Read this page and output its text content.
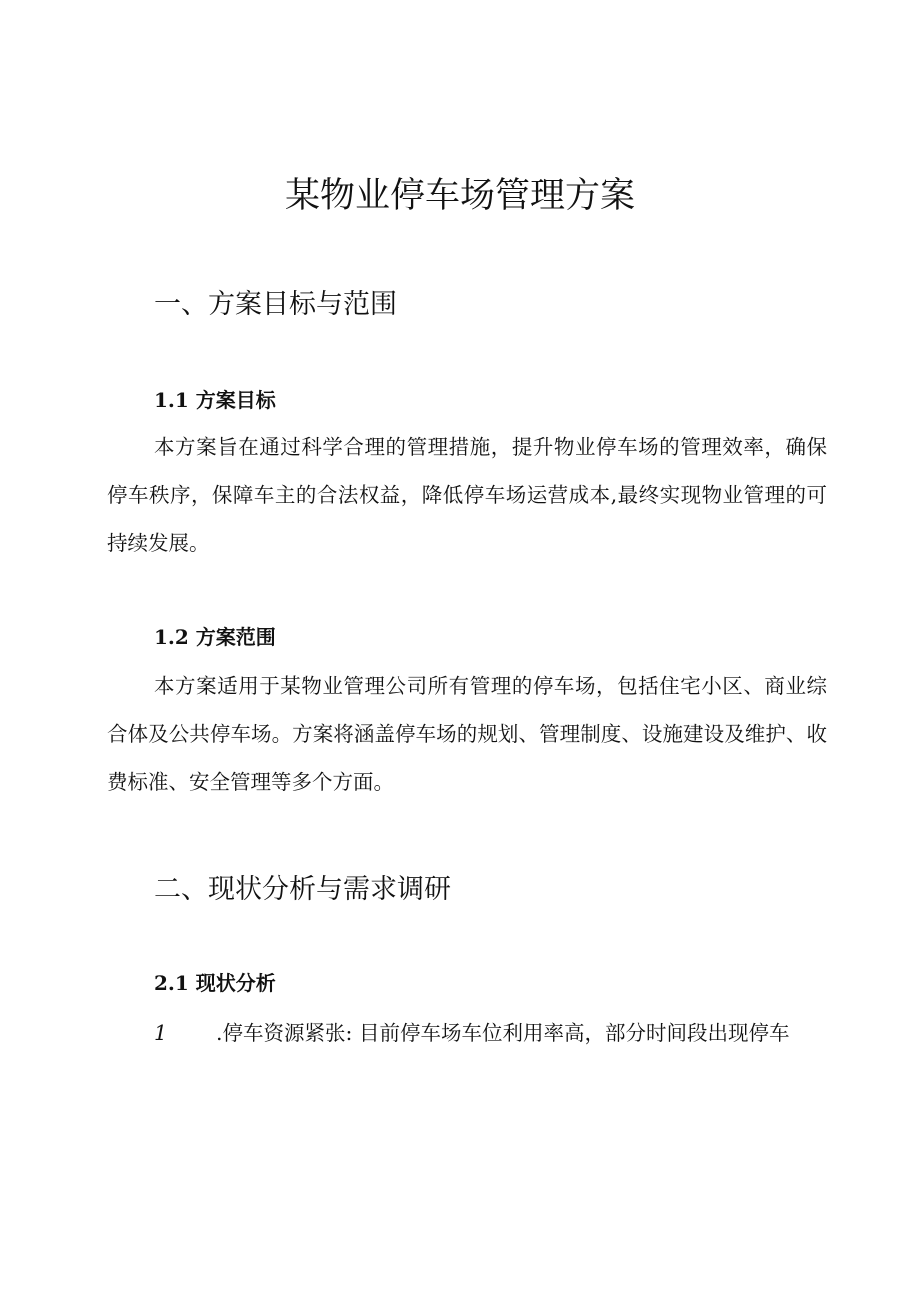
某物业停车场管理方案
一、方案目标与范围
1.1 方案目标

本方案旨在通过科学合理的管理措施，提升物业停车场的管理效率，确保停车秩序，保障车主的合法权益，降低停车场运营成本,最终实现物业管理的可持续发展。

1.2 方案范围

本方案适用于某物业管理公司所有管理的停车场，包括住宅小区、商业综合体及公共停车场。方案将涵盖停车场的规划、管理制度、设施建设及维护、收费标准、安全管理等多个方面。

二、现状分析与需求调研
2.1 现状分析

1 .停车资源紧张: 目前停车场车位利用率高，部分时间段出现停车
